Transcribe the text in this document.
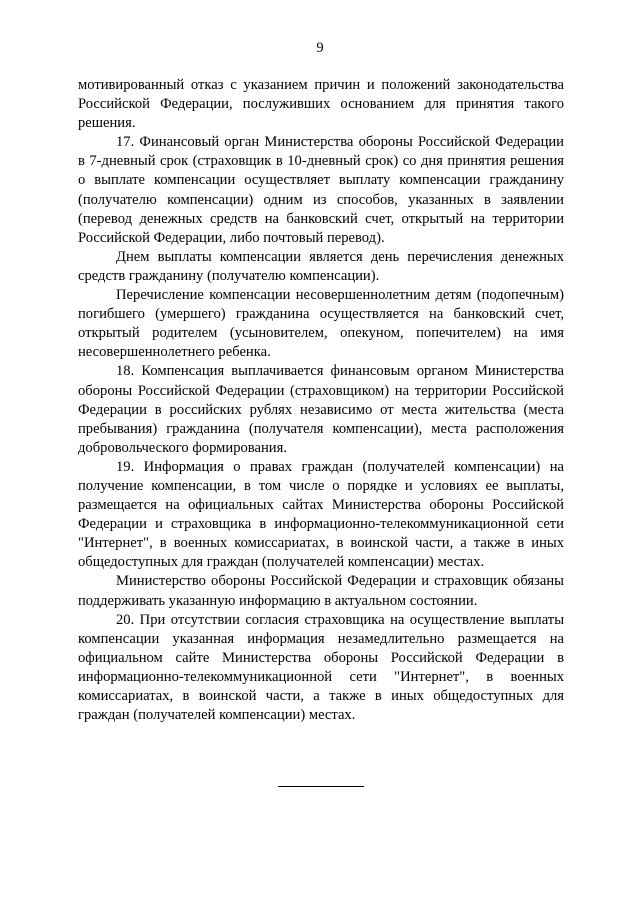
9

мотивированный отказ с указанием причин и положений законодательства Российской Федерации, послуживших основанием для принятия такого решения.

17. Финансовый орган Министерства обороны Российской Федерации в 7-дневный срок (страховщик в 10-дневный срок) со дня принятия решения о выплате компенсации осуществляет выплату компенсации гражданину (получателю компенсации) одним из способов, указанных в заявлении (перевод денежных средств на банковский счет, открытый на территории Российской Федерации, либо почтовый перевод).

Днем выплаты компенсации является день перечисления денежных средств гражданину (получателю компенсации).

Перечисление компенсации несовершеннолетним детям (подопечным) погибшего (умершего) гражданина осуществляется на банковский счет, открытый родителем (усыновителем, опекуном, попечителем) на имя несовершеннолетнего ребенка.

18. Компенсация выплачивается финансовым органом Министерства обороны Российской Федерации (страховщиком) на территории Российской Федерации в российских рублях независимо от места жительства (места пребывания) гражданина (получателя компенсации), места расположения добровольческого формирования.

19. Информация о правах граждан (получателей компенсации) на получение компенсации, в том числе о порядке и условиях ее выплаты, размещается на официальных сайтах Министерства обороны Российской Федерации и страховщика в информационно-телекоммуникационной сети "Интернет", в военных комиссариатах, в воинской части, а также в иных общедоступных для граждан (получателей компенсации) местах.

Министерство обороны Российской Федерации и страховщик обязаны поддерживать указанную информацию в актуальном состоянии.

20. При отсутствии согласия страховщика на осуществление выплаты компенсации указанная информация незамедлительно размещается на официальном сайте Министерства обороны Российской Федерации в информационно-телекоммуникационной сети "Интернет", в военных комиссариатах, в воинской части, а также в иных общедоступных для граждан (получателей компенсации) местах.
